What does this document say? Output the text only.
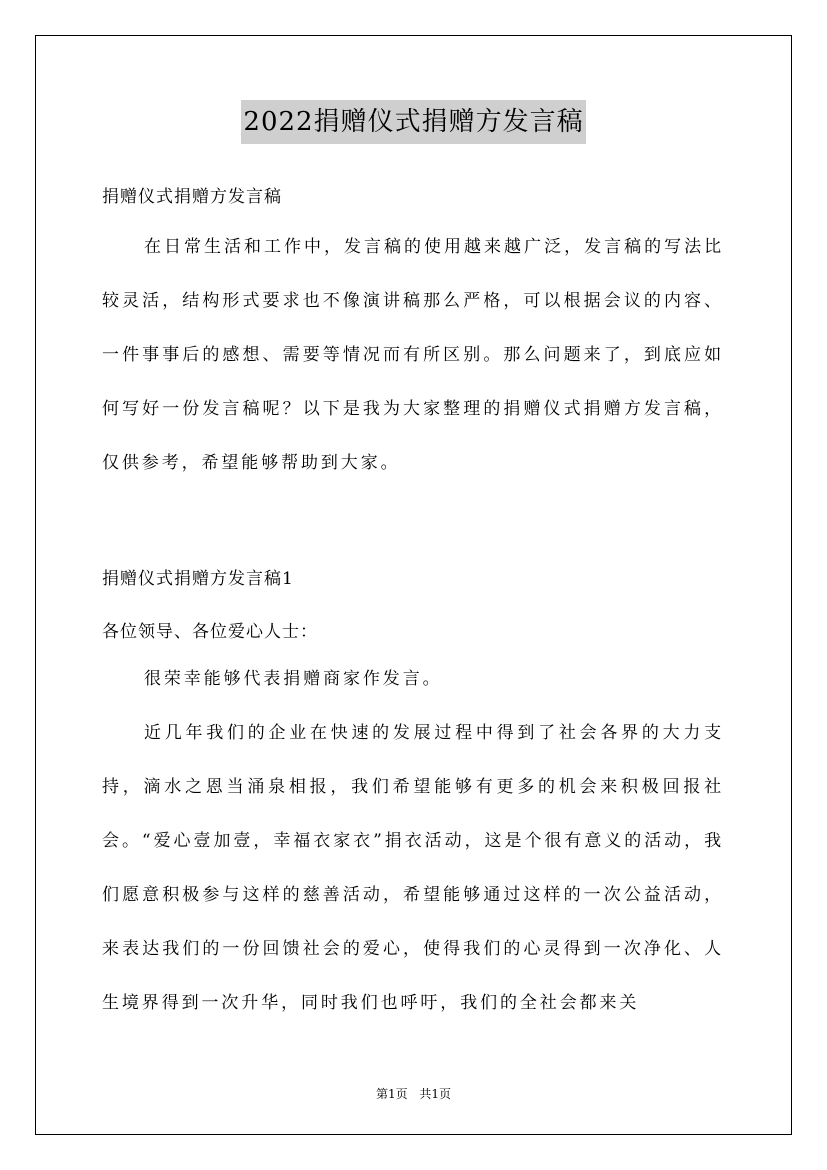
2022捐赠仪式捐赠方发言稿
捐赠仪式捐赠方发言稿

在日常生活和工作中，发言稿的使用越来越广泛，发言稿的写法比较灵活，结构形式要求也不像演讲稿那么严格，可以根据会议的内容、一件事事后的感想、需要等情况而有所区别。那么问题来了，到底应如何写好一份发言稿呢？以下是我为大家整理的捐赠仪式捐赠方发言稿，仅供参考，希望能够帮助到大家。

捐赠仪式捐赠方发言稿1
各位领导、各位爱心人士：

很荣幸能够代表捐赠商家作发言。

近几年我们的企业在快速的发展过程中得到了社会各界的大力支持，滴水之恩当涌泉相报，我们希望能够有更多的机会来积极回报社会。“爱心壹加壹，幸福衣家衣”捐衣活动，这是个很有意义的活动，我们愿意积极参与这样的慈善活动，希望能够通过这样的一次公益活动，来表达我们的一份回馈社会的爱心，使得我们的心灵得到一次净化、人生境界得到一次升华，同时我们也呼吁，我们的全社会都来关

第1页 共1页
